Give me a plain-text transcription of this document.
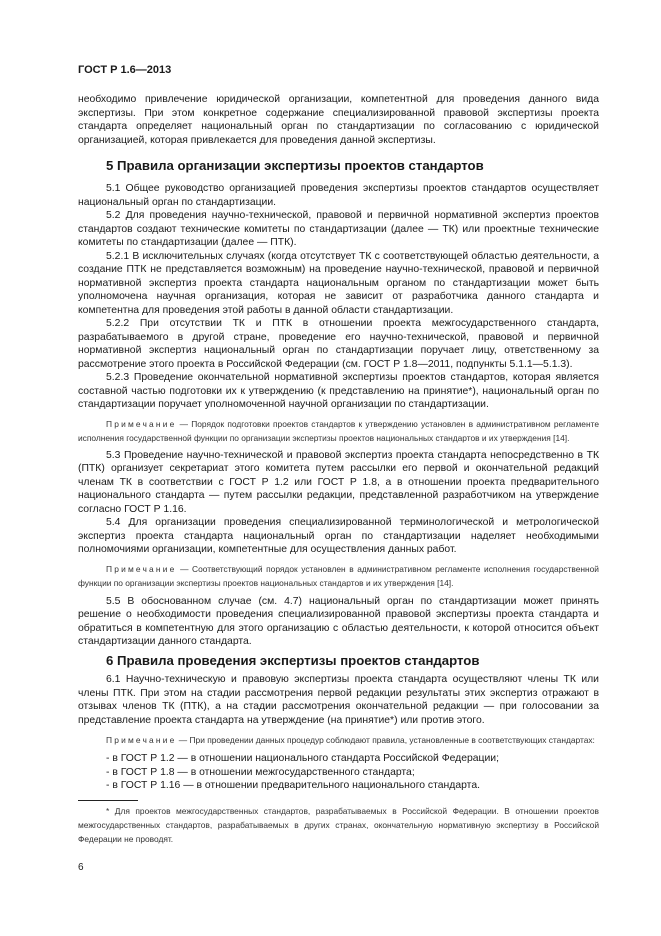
ГОСТ Р 1.6—2013

необходимо привлечение юридической организации, компетентной для проведения данного вида экспертизы. При этом конкретное содержание специализированной правовой экспертизы проекта стандарта определяет национальный орган по стандартизации по согласованию с юридической организацией, которая привлекается для проведения данной экспертизы.

5 Правила организации экспертизы проектов стандартов

5.1 Общее руководство организацией проведения экспертизы проектов стандартов осуществляет национальный орган по стандартизации.

5.2 Для проведения научно-технической, правовой и первичной нормативной экспертиз проектов стандартов создают технические комитеты по стандартизации (далее — ТК) или проектные технические комитеты по стандартизации (далее — ПТК).

5.2.1 В исключительных случаях (когда отсутствует ТК с соответствующей областью деятельности, а создание ПТК не представляется возможным) на проведение научно-технической, правовой и первичной нормативной экспертиз проекта стандарта национальным органом по стандартизации может быть уполномочена научная организация, которая не зависит от разработчика данного стандарта и компетентна для проведения этой работы в данной области стандартизации.

5.2.2 При отсутствии ТК и ПТК в отношении проекта межгосударственного стандарта, разрабатываемого в другой стране, проведение его научно-технической, правовой и первичной нормативной экспертиз национальный орган по стандартизации поручает лицу, ответственному за рассмотрение этого проекта в Российской Федерации (см. ГОСТ Р 1.8—2011, подпункты 5.1.1—5.1.3).

5.2.3 Проведение окончательной нормативной экспертизы проектов стандартов, которая является составной частью подготовки их к утверждению (к представлению на принятие*), национальный орган по стандартизации поручает уполномоченной научной организации по стандартизации.

Примечание — Порядок подготовки проектов стандартов к утверждению установлен в административном регламенте исполнения государственной функции по организации экспертизы проектов национальных стандартов и их утверждения [14].

5.3 Проведение научно-технической и правовой экспертиз проекта стандарта непосредственно в ТК (ПТК) организует секретариат этого комитета путем рассылки его первой и окончательной редакций членам ТК в соответствии с ГОСТ Р 1.2 или ГОСТ Р 1.8, а в отношении проекта предварительного национального стандарта — путем рассылки редакции, представленной разработчиком на утверждение согласно ГОСТ Р 1.16.

5.4 Для организации проведения специализированной терминологической и метрологической экспертиз проекта стандарта национальный орган по стандартизации наделяет необходимыми полномочиями организации, компетентные для осуществления данных работ.

Примечание — Соответствующий порядок установлен в административном регламенте исполнения государственной функции по организации экспертизы проектов национальных стандартов и их утверждения [14].

5.5 В обоснованном случае (см. 4.7) национальный орган по стандартизации может принять решение о необходимости проведения специализированной правовой экспертизы проекта стандарта и обратиться в компетентную для этого организацию с областью деятельности, к которой относится объект стандартизации данного стандарта.

6 Правила проведения экспертизы проектов стандартов

6.1 Научно-техническую и правовую экспертизы проекта стандарта осуществляют члены ТК или члены ПТК. При этом на стадии рассмотрения первой редакции результаты этих экспертиз отражают в отзывах членов ТК (ПТК), а на стадии рассмотрения окончательной редакции — при голосовании за представление проекта стандарта на утверждение (на принятие*) или против этого.

Примечание — При проведении данных процедур соблюдают правила, установленные в соответствующих стандартах:
- в ГОСТ Р 1.2 — в отношении национального стандарта Российской Федерации;
- в ГОСТ Р 1.8 — в отношении межгосударственного стандарта;
- в ГОСТ Р 1.16 — в отношении предварительного национального стандарта.
* Для проектов межгосударственных стандартов, разрабатываемых в Российской Федерации. В отношении проектов межгосударственных стандартов, разрабатываемых в других странах, окончательную нормативную экспертизу в Российской Федерации не проводят.
6
